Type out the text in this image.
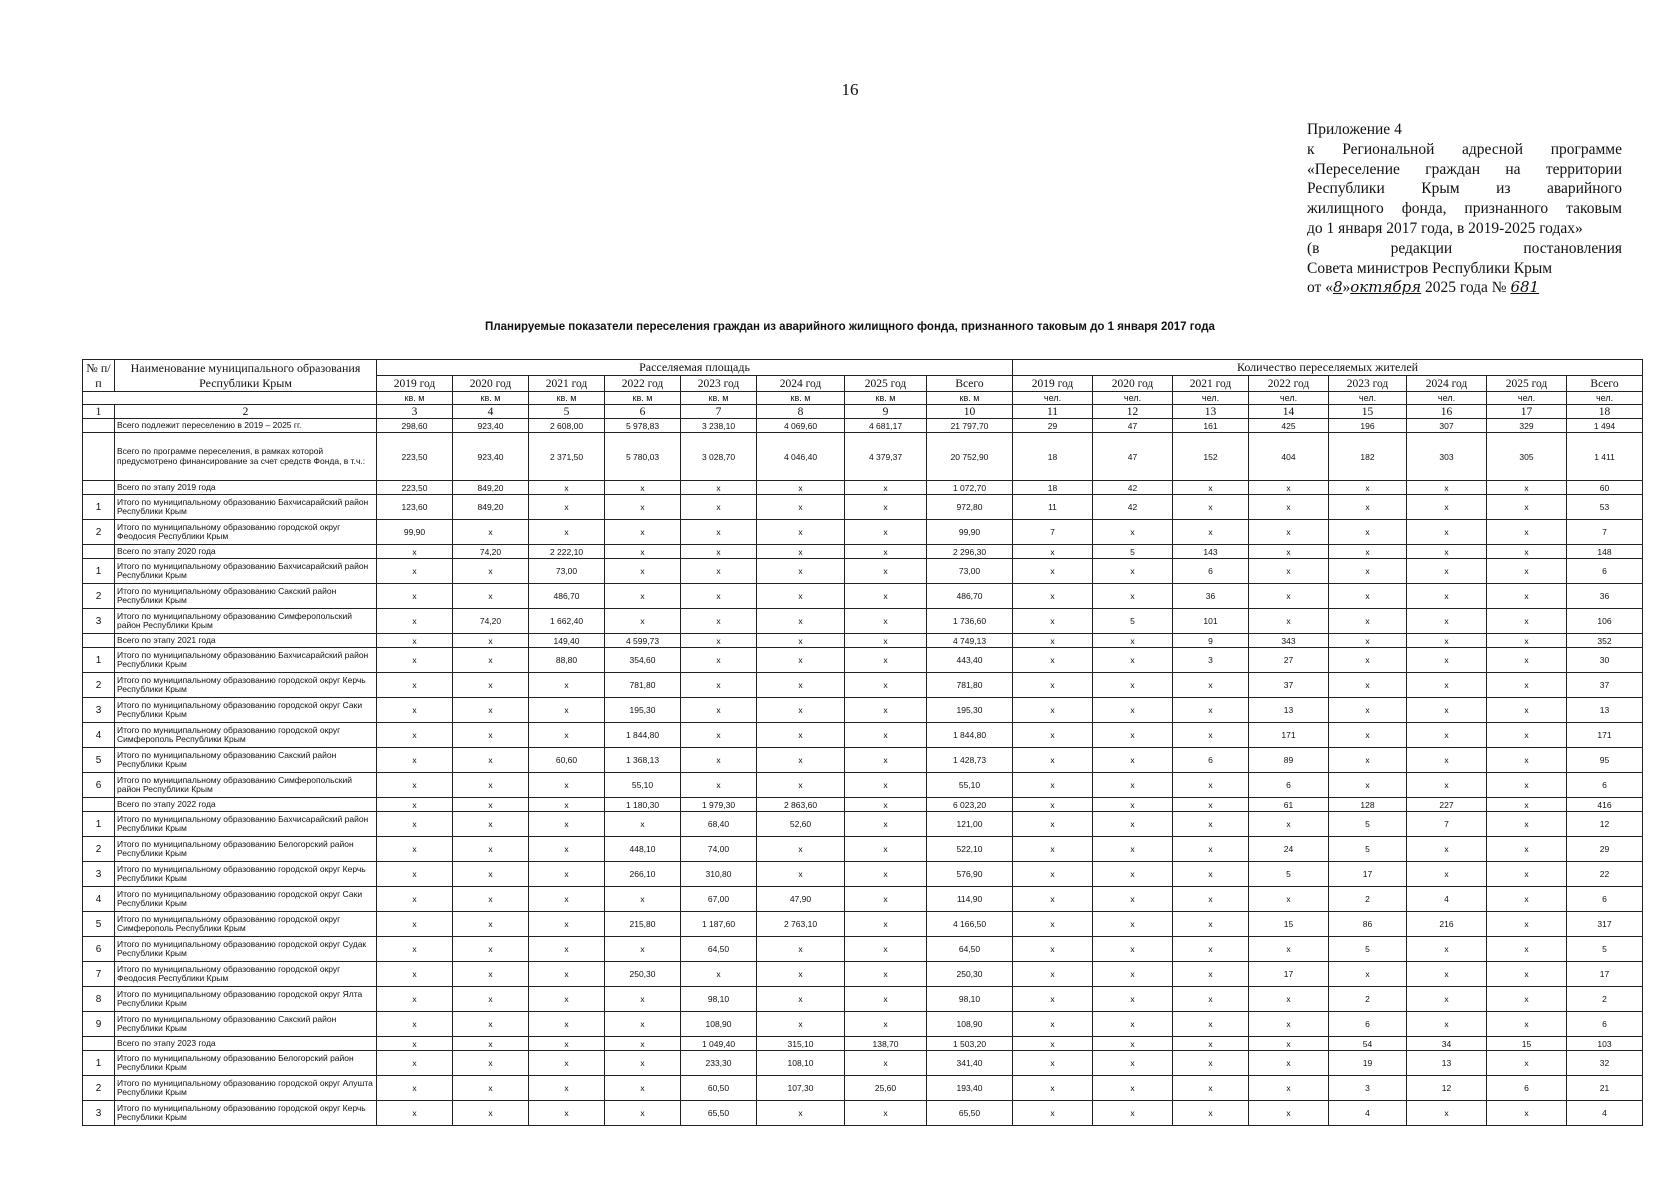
16
Приложение 4
к Региональной адресной программе
«Переселение граждан на территории
Республики Крым из аварийного
жилищного фонда, признанного таковым
до 1 января 2017 года, в 2019-2025 годах»
(в редакции постановления
Совета министров Республики Крым
от «8»октября 2025 года № 681
Планируемые показатели переселения граждан из аварийного жилищного фонда, признанного таковым до 1 января 2017 года
№ п/п	Наименование муниципального образования Республики Крым	Расселяемая площадь								Количество переселяемых жителей							
		2019 год	2020 год	2021 год	2022 год	2023 год	2024 год	2025 год	Всего	2019 год	2020 год	2021 год	2022 год	2023 год	2024 год	2025 год	Всего
		кв. м	кв. м	кв. м	кв. м	кв. м	кв. м	кв. м	кв. м	чел.	чел.	чел.	чел.	чел.	чел.	чел.	чел.
1	2	3	4	5	6	7	8	9	10	11	12	13	14	15	16	17	18
	Всего подлежит переселению в 2019 – 2025 гг.	298,60	923,40	2 608,00	5 978,83	3 238,10	4 069,60	4 681,17	21 797,70	29	47	161	425	196	307	329	1 494
	Всего по программе переселения, в рамках которой предусмотрено финансирование за счет средств Фонда, в т.ч.:	223,50	923,40	2 371,50	5 780,03	3 028,70	4 046,40	4 379,37	20 752,90	18	47	152	404	182	303	305	1 411
	Всего по этапу 2019 года	223,50	849,20	х	х	х	х	х	1 072,70	18	42	х	х	х	х	х	60
1	Итого по муниципальному образованию Бахчисарайский район Республики Крым	123,60	849,20	х	х	х	х	х	972,80	11	42	х	х	х	х	х	53
2	Итого по муниципальному образованию городской округ Феодосия Республики Крым	99,90	х	х	х	х	х	х	99,90	7	х	х	х	х	х	х	7
	Всего по этапу 2020 года	х	74,20	2 222,10	х	х	х	х	2 296,30	х	5	143	х	х	х	х	148
1	Итого по муниципальному образованию Бахчисарайский район Республики Крым	х	х	73,00	х	х	х	х	73,00	х	х	6	х	х	х	х	6
2	Итого по муниципальному образованию Сакский район Республики Крым	х	х	486,70	х	х	х	х	486,70	х	х	36	х	х	х	х	36
3	Итого по муниципальному образованию Симферопольский район Республики Крым	х	74,20	1 662,40	х	х	х	х	1 736,60	х	5	101	х	х	х	х	106
	Всего по этапу 2021 года	х	х	149,40	4 599,73	х	х	х	4 749,13	х	х	9	343	х	х	х	352
1	Итого по муниципальному образованию Бахчисарайский район Республики Крым	х	х	88,80	354,60	х	х	х	443,40	х	х	3	27	х	х	х	30
2	Итого по муниципальному образованию городской округ Керчь Республики Крым	х	х	х	781,80	х	х	х	781,80	х	х	х	37	х	х	х	37
3	Итого по муниципальному образованию городской округ Саки Республики Крым	х	х	х	195,30	х	х	х	195,30	х	х	х	13	х	х	х	13
4	Итого по муниципальному образованию городской округ Симферополь Республики Крым	х	х	х	1 844,80	х	х	х	1 844,80	х	х	х	171	х	х	х	171
5	Итого по муниципальному образованию Сакский район Республики Крым	х	х	60,60	1 368,13	х	х	х	1 428,73	х	х	6	89	х	х	х	95
6	Итого по муниципальному образованию Симферопольский район Республики Крым	х	х	х	55,10	х	х	х	55,10	х	х	х	6	х	х	х	6
	Всего по этапу 2022 года	х	х	х	1 180,30	1 979,30	2 863,60	х	6 023,20	х	х	х	61	128	227	х	416
1	Итого по муниципальному образованию Бахчисарайский район Республики Крым	х	х	х	х	68,40	52,60	х	121,00	х	х	х	х	5	7	х	12
2	Итого по муниципальному образованию Белогорский район Республики Крым	х	х	х	448,10	74,00	х	х	522,10	х	х	х	24	5	х	х	29
3	Итого по муниципальному образованию городской округ Керчь Республики Крым	х	х	х	266,10	310,80	х	х	576,90	х	х	х	5	17	х	х	22
4	Итого по муниципальному образованию городской округ Саки Республики Крым	х	х	х	х	67,00	47,90	х	114,90	х	х	х	х	2	4	х	6
5	Итого по муниципальному образованию городской округ Симферополь Республики Крым	х	х	х	215,80	1 187,60	2 763,10	х	4 166,50	х	х	х	15	86	216	х	317
6	Итого по муниципальному образованию городской округ Судак Республики Крым	х	х	х	х	64,50	х	х	64,50	х	х	х	х	5	х	х	5
7	Итого по муниципальному образованию городской округ Феодосия Республики Крым	х	х	х	250,30	х	х	х	250,30	х	х	х	17	х	х	х	17
8	Итого по муниципальному образованию городской округ Ялта Республики Крым	х	х	х	х	98,10	х	х	98,10	х	х	х	х	2	х	х	2
9	Итого по муниципальному образованию Сакский район Республики Крым	х	х	х	х	108,90	х	х	108,90	х	х	х	х	6	х	х	6
	Всего по этапу 2023 года	х	х	х	х	1 049,40	315,10	138,70	1 503,20	х	х	х	х	54	34	15	103
1	Итого по муниципальному образованию Белогорский район Республики Крым	х	х	х	х	233,30	108,10	х	341,40	х	х	х	х	19	13	х	32
2	Итого по муниципальному образованию городской округ Алушта Республики Крым	х	х	х	х	60,50	107,30	25,60	193,40	х	х	х	х	3	12	6	21
3	Итого по муниципальному образованию городской округ Керчь Республики Крым	х	х	х	х	65,50	х	х	65,50	х	х	х	х	4	х	х	4
